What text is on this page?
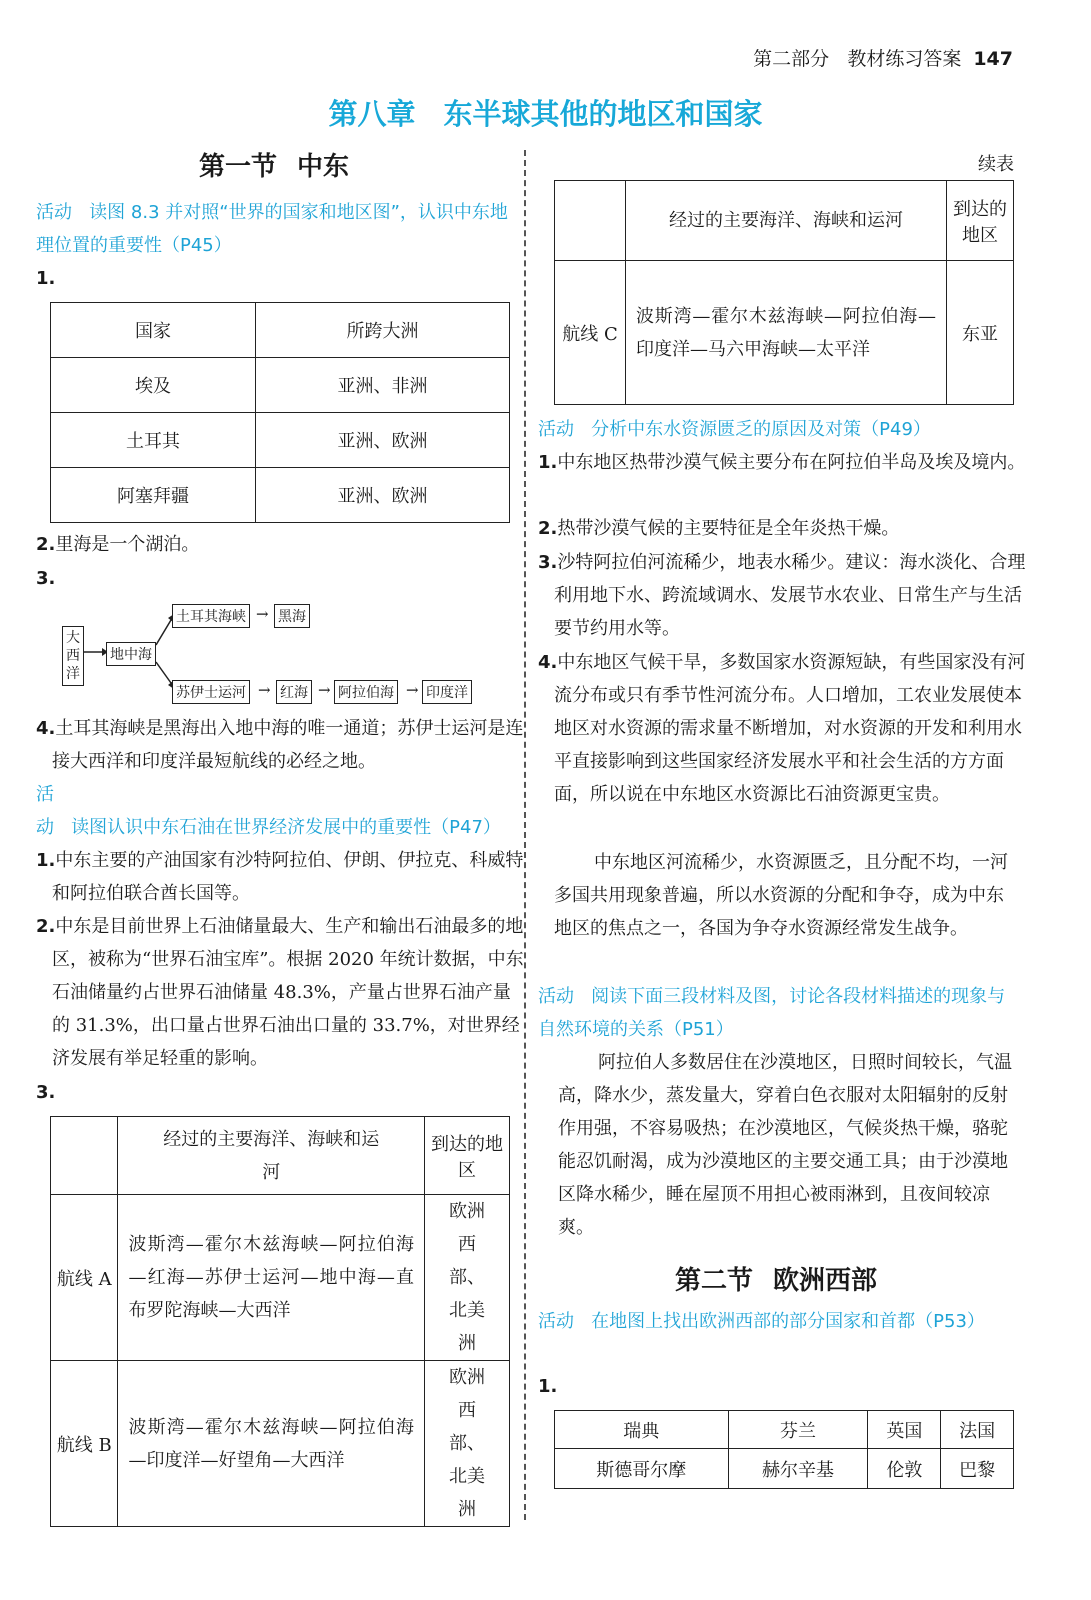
第二部分 教材练习答案 147
第八章 东半球其他的地区和国家
第一节 中东
活动 读图 8.3 并对照“世界的国家和地区图”，认识中东地理位置的重要性（P45）
1.
国家	所跨大洲
埃及	亚洲、非洲
土耳其	亚洲、欧洲
阿塞拜疆	亚洲、欧洲
2.里海是一个湖泊。
3.
大西洋
地中海
土耳其海峡 → 黑海
苏伊士运河 → 红海 → 阿拉伯海 → 印度洋
4.土耳其海峡是黑海出入地中海的唯一通道；苏伊士运河是连接大西洋和印度洋最短航线的必经之地。
活动 读图认识中东石油在世界经济发展中的重要性（P47）
1.中东主要的产油国家有沙特阿拉伯、伊朗、伊拉克、科威特和阿拉伯联合酋长国等。
2.中东是目前世界上石油储量最大、生产和输出石油最多的地区，被称为“世界石油宝库”。根据 2020 年统计数据，中东石油储量约占世界石油储量 48.3%，产量占世界石油产量的 31.3%，出口量占世界石油出口量的 33.7%，对世界经济发展有举足轻重的影响。
3.
	经过的主要海洋、海峡和运河	到达的地区
航线 A	波斯湾—霍尔木兹海峡—阿拉伯海—红海—苏伊士运河—地中海—直布罗陀海峡—大西洋	欧洲西部、北美洲
航线 B	波斯湾—霍尔木兹海峡—阿拉伯海—印度洋—好望角—大西洋	欧洲西部、北美洲
续表
	经过的主要海洋、海峡和运河	到达的地区
航线 C	波斯湾—霍尔木兹海峡—阿拉伯海—印度洋—马六甲海峡—太平洋	东亚
活动 分析中东水资源匮乏的原因及对策（P49）
1.中东地区热带沙漠气候主要分布在阿拉伯半岛及埃及境内。
2.热带沙漠气候的主要特征是全年炎热干燥。
3.沙特阿拉伯河流稀少，地表水稀少。建议：海水淡化、合理利用地下水、跨流域调水、发展节水农业、日常生产与生活要节约用水等。
4.中东地区气候干旱，多数国家水资源短缺，有些国家没有河流分布或只有季节性河流分布。人口增加，工农业发展使本地区对水资源的需求量不断增加，对水资源的开发和利用水平直接影响到这些国家经济发展水平和社会生活的方方面面，所以说在中东地区水资源比石油资源更宝贵。
中东地区河流稀少，水资源匮乏，且分配不均，一河多国共用现象普遍，所以水资源的分配和争夺，成为中东地区的焦点之一，各国为争夺水资源经常发生战争。
活动 阅读下面三段材料及图，讨论各段材料描述的现象与自然环境的关系（P51）
阿拉伯人多数居住在沙漠地区，日照时间较长，气温高，降水少，蒸发量大，穿着白色衣服对太阳辐射的反射作用强，不容易吸热；在沙漠地区，气候炎热干燥，骆驼能忍饥耐渴，成为沙漠地区的主要交通工具；由于沙漠地区降水稀少，睡在屋顶不用担心被雨淋到，且夜间较凉爽。
第二节 欧洲西部
活动 在地图上找出欧洲西部的部分国家和首都（P53）
1.
瑞典	芬兰	英国	法国
斯德哥尔摩	赫尔辛基	伦敦	巴黎
